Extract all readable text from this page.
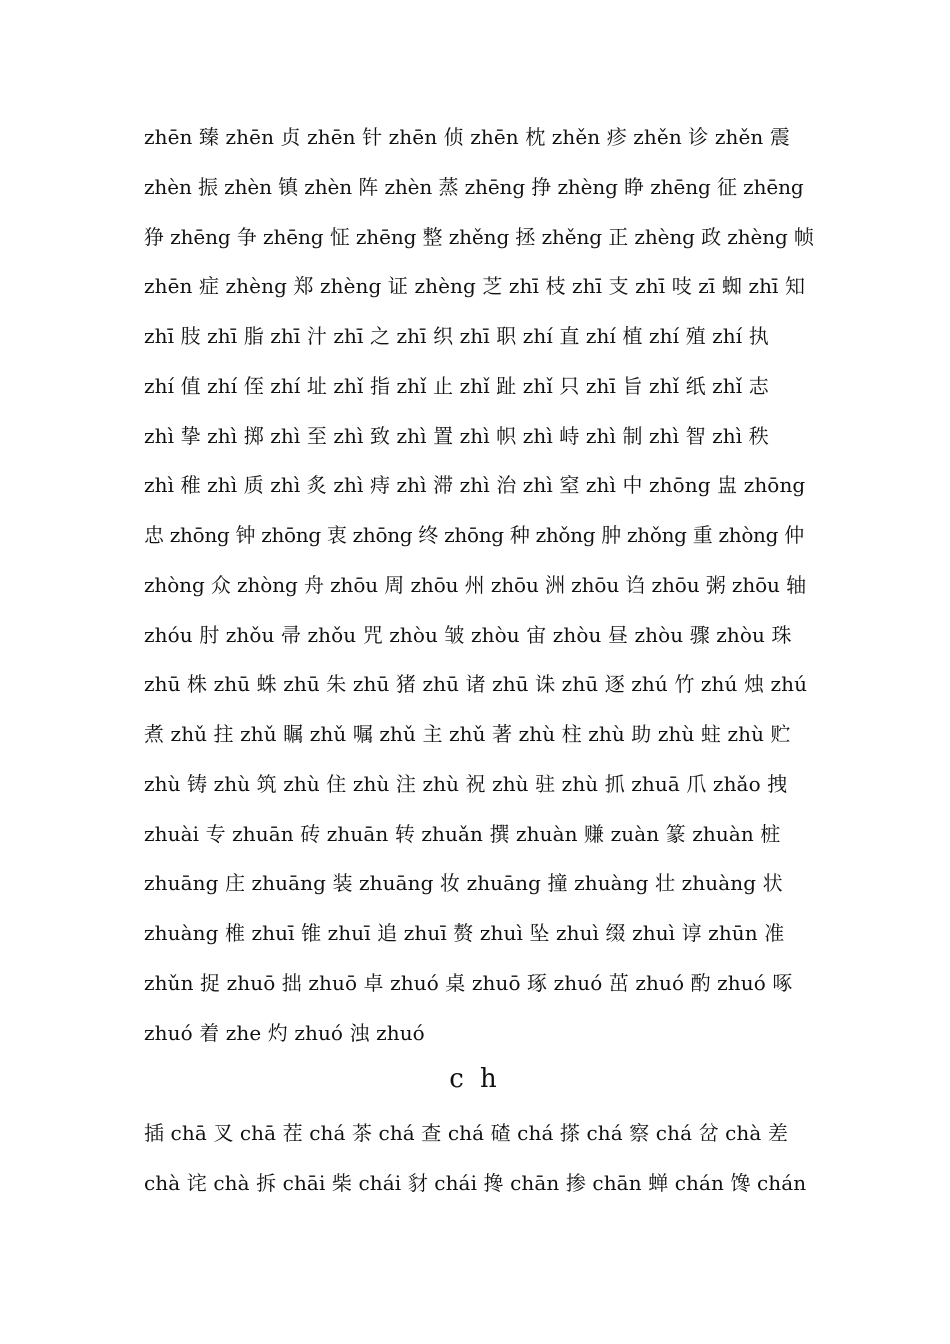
zhēn 臻 zhēn 贞 zhēn 针 zhēn 侦 zhēn 枕 zhěn 疹 zhěn 诊 zhěn 震
zhèn 振 zhèn 镇 zhèn 阵 zhèn 蒸 zhēng 挣 zhèng 睁 zhēng 征 zhēng
狰 zhēng 争 zhēng 怔 zhēng 整 zhěng 拯 zhěng 正 zhèng 政 zhèng 帧
zhēn 症 zhèng 郑 zhèng 证 zhèng 芝 zhī 枝 zhī 支 zhī 吱 zī 蜘 zhī 知
zhī 肢 zhī 脂 zhī 汁 zhī 之 zhī 织 zhī 职 zhí 直 zhí 植 zhí 殖 zhí 执
zhí 值 zhí 侄 zhí 址 zhǐ 指 zhǐ 止 zhǐ 趾 zhǐ 只 zhī 旨 zhǐ 纸 zhǐ 志
zhì 挚 zhì 掷 zhì 至 zhì 致 zhì 置 zhì 帜 zhì 峙 zhì 制 zhì 智 zhì 秩
zhì 稚 zhì 质 zhì 炙 zhì 痔 zhì 滞 zhì 治 zhì 窒 zhì 中 zhōng 盅 zhōng
忠 zhōng 钟 zhōng 衷 zhōng 终 zhōng 种 zhǒng 肿 zhǒng 重 zhòng 仲
zhòng 众 zhòng 舟 zhōu 周 zhōu 州 zhōu 洲 zhōu 诌 zhōu 粥 zhōu 轴
zhóu 肘 zhǒu 帚 zhǒu 咒 zhòu 皱 zhòu 宙 zhòu 昼 zhòu 骤 zhòu 珠
zhū 株 zhū 蛛 zhū 朱 zhū 猪 zhū 诸 zhū 诛 zhū 逐 zhú 竹 zhú 烛 zhú
煮 zhǔ 拄 zhǔ 瞩 zhǔ 嘱 zhǔ 主 zhǔ 著 zhù 柱 zhù 助 zhù 蛀 zhù 贮
zhù 铸 zhù 筑 zhù 住 zhù 注 zhù 祝 zhù 驻 zhù 抓 zhuā 爪 zhǎo 拽
zhuài 专 zhuān 砖 zhuān 转 zhuǎn 撰 zhuàn 赚 zuàn 篆 zhuàn 桩
zhuāng 庄 zhuāng 装 zhuāng 妆 zhuāng 撞 zhuàng 壮 zhuàng 状
zhuàng 椎 zhuī 锥 zhuī 追 zhuī 赘 zhuì 坠 zhuì 缀 zhuì 谆 zhūn 准
zhǔn 捉 zhuō 拙 zhuō 卓 zhuó 桌 zhuō 琢 zhuó 茁 zhuó 酌 zhuó 啄
zhuó 着 zhe 灼 zhuó 浊 zhuó
c h
插 chā 叉 chā 茬 chá 茶 chá 查 chá 碴 chá 搽 chá 察 chá 岔 chà 差
chà 诧 chà 拆 chāi 柴 chái 豺 chái 搀 chān 掺 chān 蝉 chán 馋 chán
